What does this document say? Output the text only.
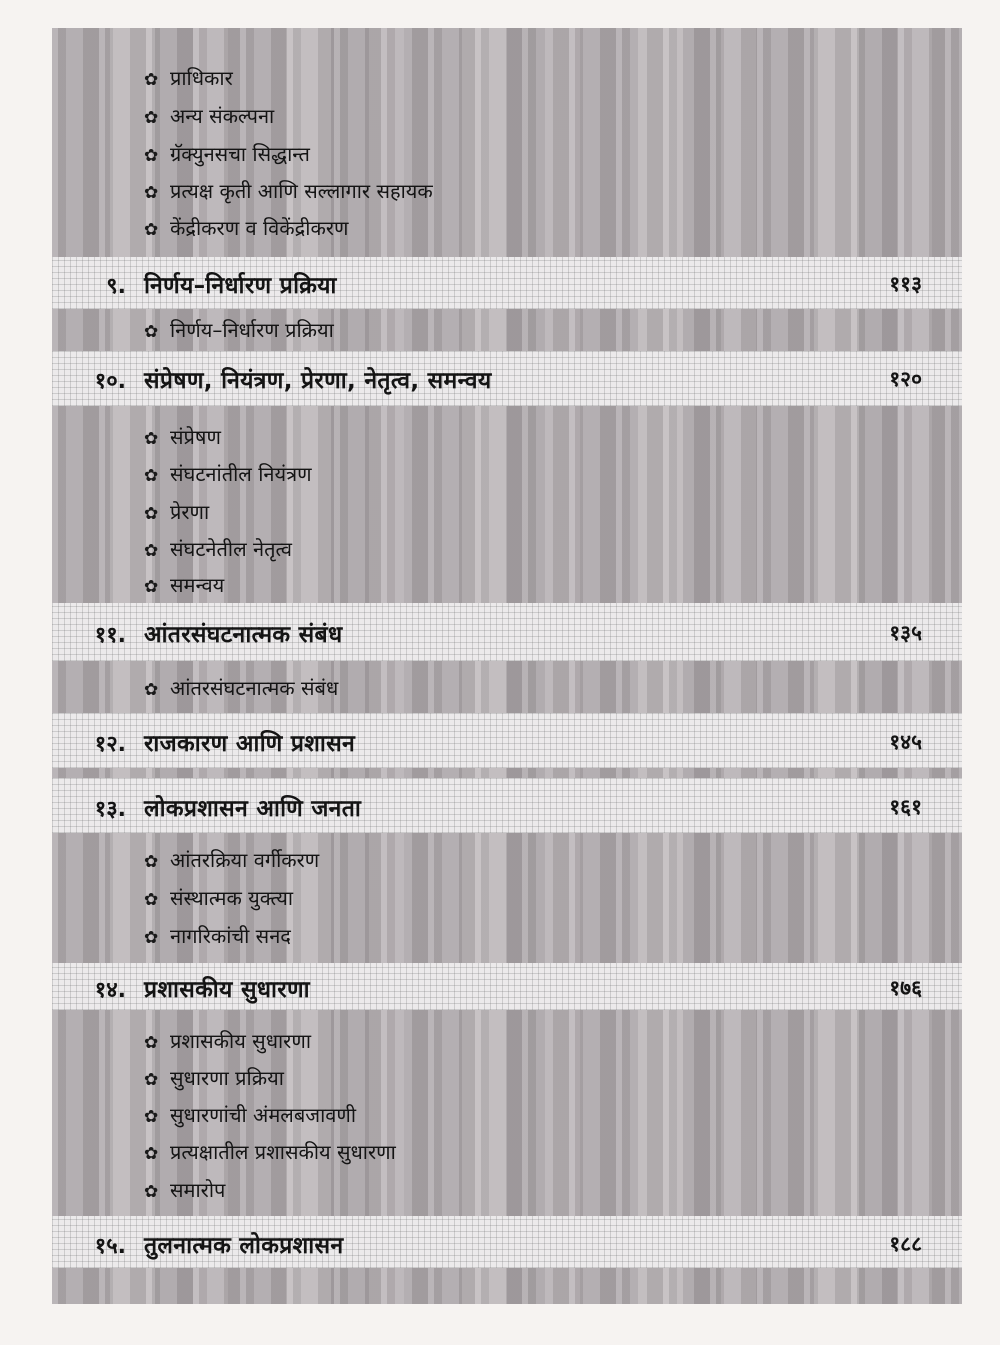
✿ प्राधिकार
✿ अन्य संकल्पना
✿ ग्रॅक्युनसचा सिद्धान्त
✿ प्रत्यक्ष कृती आणि सल्लागार सहायक
✿ केंद्रीकरण व विकेंद्रीकरण
९. निर्णय–निर्धारण प्रक्रिया	११३
✿ निर्णय–निर्धारण प्रक्रिया
१०. संप्रेषण, नियंत्रण, प्रेरणा, नेतृत्व, समन्वय	१२०
✿ संप्रेषण
✿ संघटनांतील नियंत्रण
✿ प्रेरणा
✿ संघटनेतील नेतृत्व
✿ समन्वय
११. आंतरसंघटनात्मक संबंध	१३५
✿ आंतरसंघटनात्मक संबंध
१२. राजकारण आणि प्रशासन	१४५
१३. लोकप्रशासन आणि जनता	१६१
✿ आंतरक्रिया वर्गीकरण
✿ संस्थात्मक युक्त्या
✿ नागरिकांची सनद
१४. प्रशासकीय सुधारणा	१७६
✿ प्रशासकीय सुधारणा
✿ सुधारणा प्रक्रिया
✿ सुधारणांची अंमलबजावणी
✿ प्रत्यक्षातील प्रशासकीय सुधारणा
✿ समारोप
१५. तुलनात्मक लोकप्रशासन	१८८
